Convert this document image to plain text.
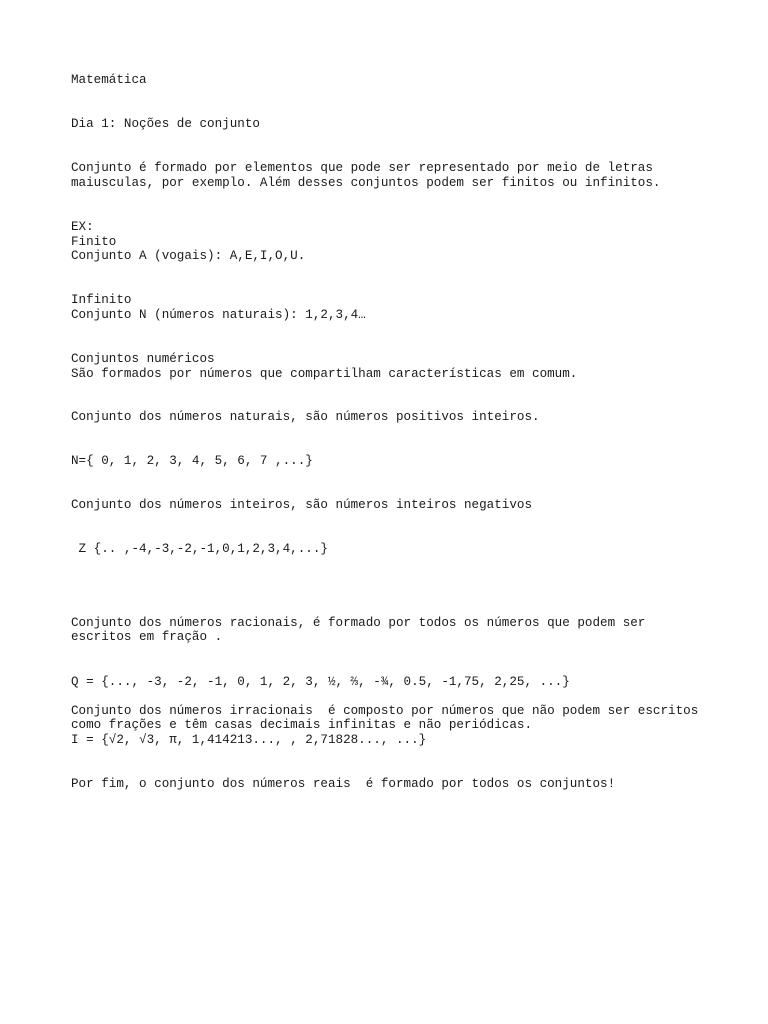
Matemática
Dia 1: Noções de conjunto
Conjunto é formado por elementos que pode ser representado por meio de letras
maiusculas, por exemplo. Além desses conjuntos podem ser finitos ou infinitos.
EX:
Finito
Conjunto A (vogais): A,E,I,O,U.
Infinito
Conjunto N (números naturais): 1,2,3,4…
Conjuntos numéricos
São formados por números que compartilham características em comum.
Conjunto dos números naturais, são números positivos inteiros.
N={ 0, 1, 2, 3, 4, 5, 6, 7 ,...}
Conjunto dos números inteiros, são números inteiros negativos
Z {.. ,-4,-3,-2,-1,0,1,2,3,4,...}
Conjunto dos números racionais, é formado por todos os números que podem ser
escritos em fração .
Q = {..., -3, -2, -1, 0, 1, 2, 3, ½, ⅔, -¾, 0.5, -1,75, 2,25, ...}
Conjunto dos números irracionais  é composto por números que não podem ser escritos
como frações e têm casas decimais infinitas e não periódicas.
I = {√2, √3, π, 1,414213..., , 2,71828..., ...}
Por fim, o conjunto dos números reais  é formado por todos os conjuntos!
